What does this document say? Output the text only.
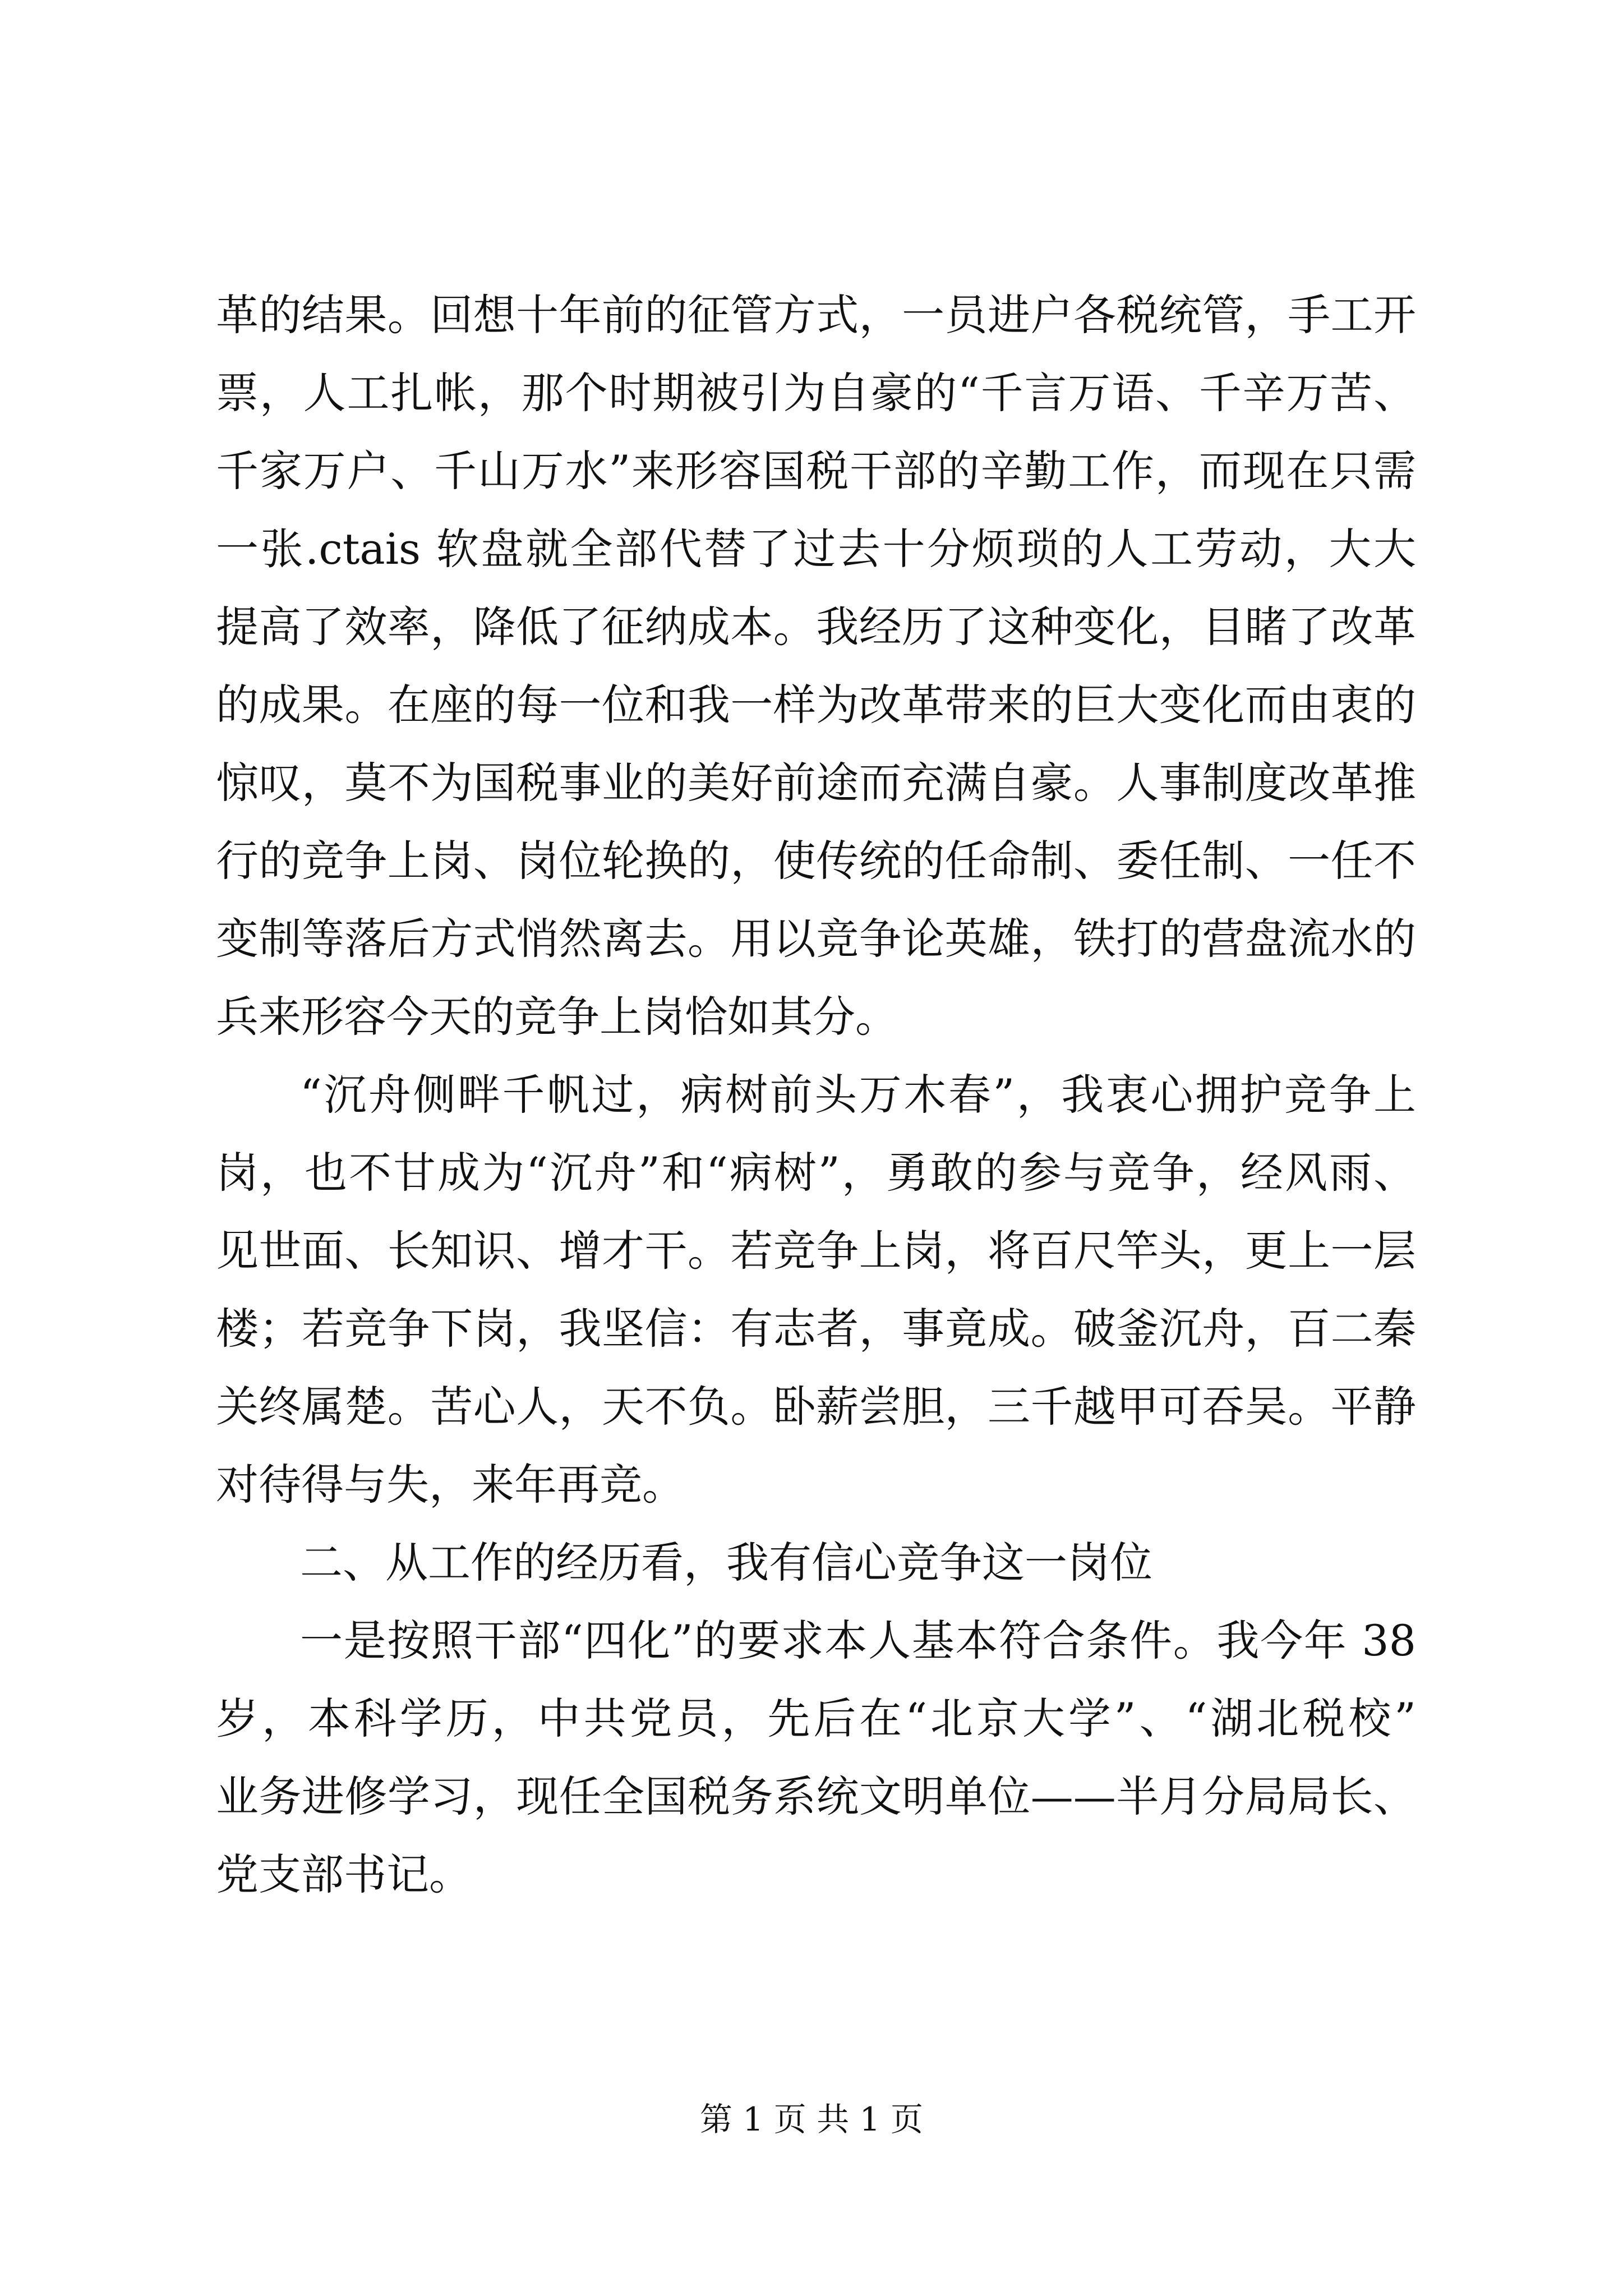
革的结果。回想十年前的征管方式，一员进户各税统管，手工开
票，人工扎帐，那个时期被引为自豪的“千言万语、千辛万苦、
千家万户、千山万水”来形容国税干部的辛勤工作，而现在只需
一张.ctais 软盘就全部代替了过去十分烦琐的人工劳动，大大
提高了效率，降低了征纳成本。我经历了这种变化，目睹了改革
的成果。在座的每一位和我一样为改革带来的巨大变化而由衷的
惊叹，莫不为国税事业的美好前途而充满自豪。人事制度改革推
行的竞争上岗、岗位轮换的，使传统的任命制、委任制、一任不
变制等落后方式悄然离去。用以竞争论英雄，铁打的营盘流水的
兵来形容今天的竞争上岗恰如其分。
“沉舟侧畔千帆过，病树前头万木春”，我衷心拥护竞争上
岗，也不甘成为“沉舟”和“病树”，勇敢的参与竞争，经风雨、
见世面、长知识、增才干。若竞争上岗，将百尺竿头，更上一层
楼；若竞争下岗，我坚信：有志者，事竟成。破釜沉舟，百二秦
关终属楚。苦心人，天不负。卧薪尝胆，三千越甲可吞吴。平静
对待得与失，来年再竞。
二、从工作的经历看，我有信心竞争这一岗位
一是按照干部“四化”的要求本人基本符合条件。我今年 38
岁，本科学历，中共党员，先后在“北京大学”、“湖北税校”
业务进修学习，现任全国税务系统文明单位——半月分局局长、
党支部书记。
第 1 页 共 1 页
